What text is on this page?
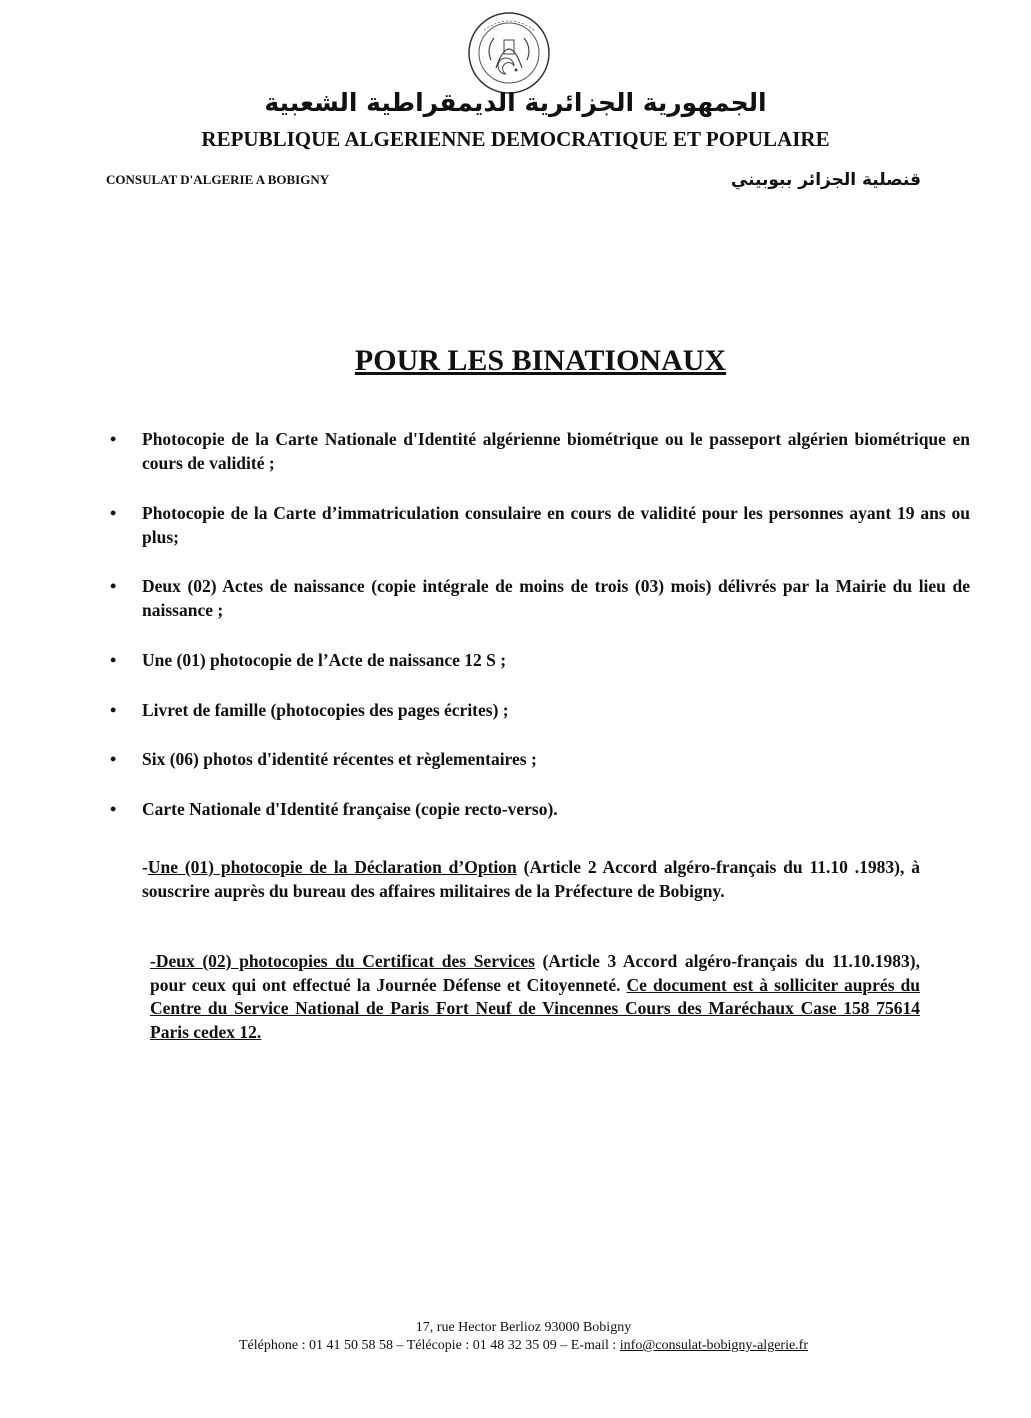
الجمهورية الجزائرية الديمقراطية الشعبية
REPUBLIQUE ALGERIENNE DEMOCRATIQUE ET POPULAIRE
CONSULAT D'ALGERIE A BOBIGNY	قنصلية الجزائر ببوبيني
POUR LES BINATIONAUX
• Photocopie de la Carte Nationale d'Identité algérienne biométrique ou le passeport algérien biométrique en cours de validité ;
• Photocopie de la Carte d’immatriculation consulaire en cours de validité pour les personnes ayant 19 ans ou plus;
• Deux (02) Actes de naissance (copie intégrale de moins de trois (03) mois) délivrés par la Mairie du lieu de naissance ;
• Une (01) photocopie de l’Acte de naissance 12 S ;
• Livret de famille (photocopies des pages écrites) ;
• Six (06) photos d'identité récentes et règlementaires ;
• Carte Nationale d'Identité française (copie recto-verso).
-Une (01) photocopie de la Déclaration d’Option (Article 2 Accord algéro-français du 11.10 .1983), à souscrire auprès du bureau des affaires militaires de la Préfecture de Bobigny.
-Deux (02) photocopies du Certificat des Services (Article 3 Accord algéro-français du 11.10.1983), pour ceux qui ont effectué la Journée Défense et Citoyenneté. Ce document est à solliciter auprés du Centre du Service National de Paris Fort Neuf de Vincennes Cours des Maréchaux Case 158 75614 Paris cedex 12.
17, rue Hector Berlioz 93000 Bobigny
Téléphone : 01 41 50 58 58 – Télécopie : 01 48 32 35 09 – E-mail : info@consulat-bobigny-algerie.fr
